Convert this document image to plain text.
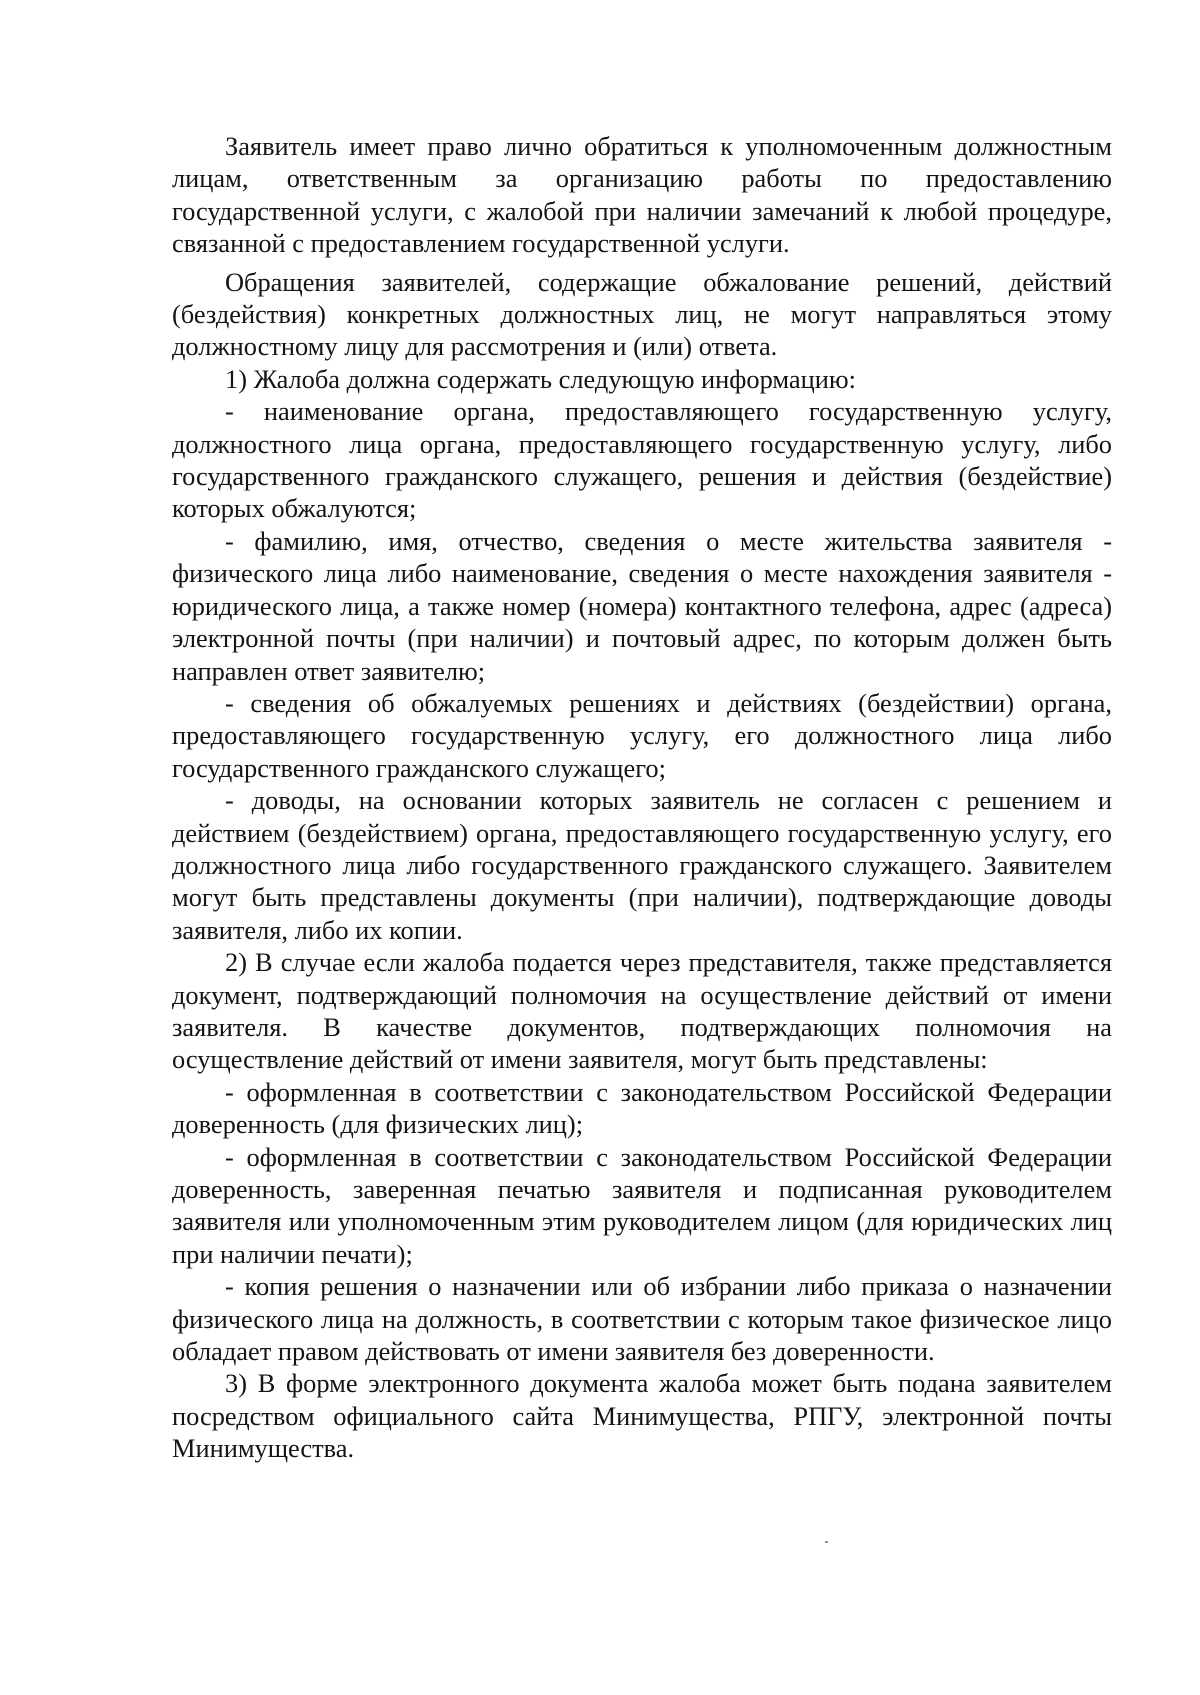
Заявитель имеет право лично обратиться к уполномоченным должностным лицам, ответственным за организацию работы по предоставлению государственной услуги, с жалобой при наличии замечаний к любой процедуре, связанной с предоставлением государственной услуги.

Обращения заявителей, содержащие обжалование решений, действий (бездействия) конкретных должностных лиц, не могут направляться этому должностному лицу для рассмотрения и (или) ответа.

1) Жалоба должна содержать следующую информацию:

- наименование органа, предоставляющего государственную услугу, должностного лица органа, предоставляющего государственную услугу, либо государственного гражданского служащего, решения и действия (бездействие) которых обжалуются;

- фамилию, имя, отчество, сведения о месте жительства заявителя - физического лица либо наименование, сведения о месте нахождения заявителя - юридического лица, а также номер (номера) контактного телефона, адрес (адреса) электронной почты (при наличии) и почтовый адрес, по которым должен быть направлен ответ заявителю;

- сведения об обжалуемых решениях и действиях (бездействии) органа, предоставляющего государственную услугу, его должностного лица либо государственного гражданского служащего;

- доводы, на основании которых заявитель не согласен с решением и действием (бездействием) органа, предоставляющего государственную услугу, его должностного лица либо государственного гражданского служащего. Заявителем могут быть представлены документы (при наличии), подтверждающие доводы заявителя, либо их копии.

2) В случае если жалоба подается через представителя, также представляется документ, подтверждающий полномочия на осуществление действий от имени заявителя. В качестве документов, подтверждающих полномочия на осуществление действий от имени заявителя, могут быть представлены:

- оформленная в соответствии с законодательством Российской Федерации доверенность (для физических лиц);

- оформленная в соответствии с законодательством Российской Федерации доверенность, заверенная печатью заявителя и подписанная руководителем заявителя или уполномоченным этим руководителем лицом (для юридических лиц при наличии печати);

- копия решения о назначении или об избрании либо приказа о назначении физического лица на должность, в соответствии с которым такое физическое лицо обладает правом действовать от имени заявителя без доверенности.

3) В форме электронного документа жалоба может быть подана заявителем посредством официального сайта Минимущества, РПГУ, электронной почты Минимущества.
